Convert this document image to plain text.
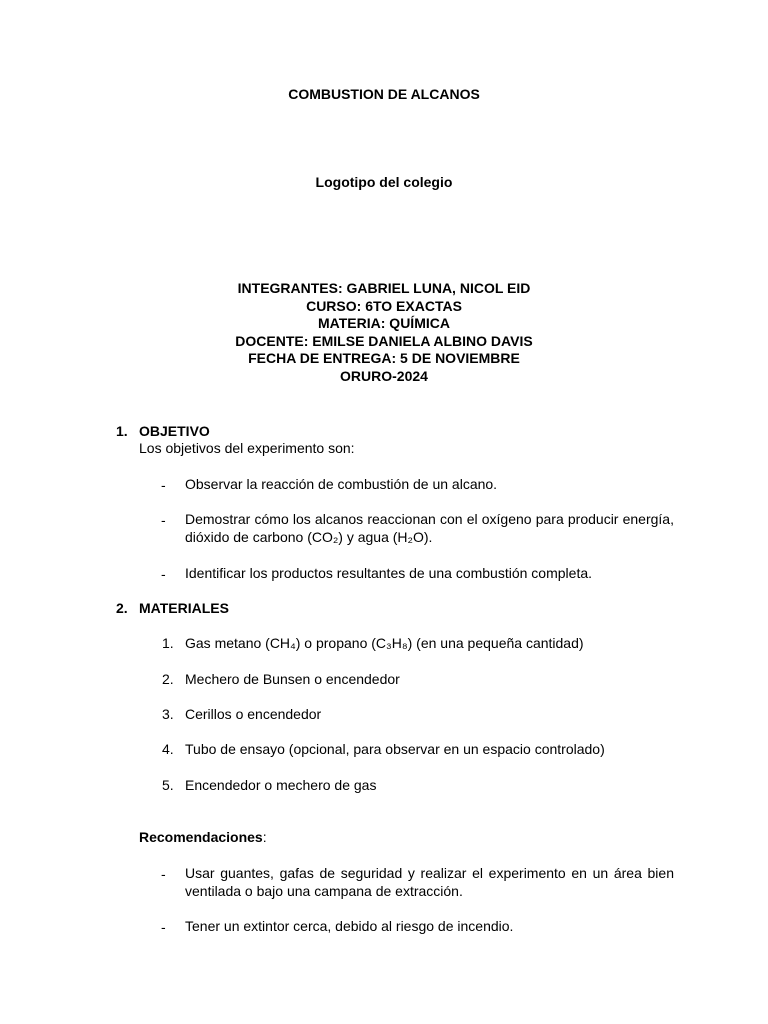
COMBUSTION DE ALCANOS
Logotipo del colegio
INTEGRANTES: GABRIEL LUNA, NICOL EID
CURSO: 6TO EXACTAS
MATERIA: QUÍMICA
DOCENTE: EMILSE DANIELA ALBINO DAVIS
FECHA DE ENTREGA: 5 DE NOVIEMBRE
ORURO-2024
1. OBJETIVO
Los objetivos del experimento son:
- Observar la reacción de combustión de un alcano.
- Demostrar cómo los alcanos reaccionan con el oxígeno para producir energía, dióxido de carbono (CO₂) y agua (H₂O).
- Identificar los productos resultantes de una combustión completa.
2. MATERIALES
1. Gas metano (CH₄) o propano (C₃H₈) (en una pequeña cantidad)
2. Mechero de Bunsen o encendedor
3. Cerillos o encendedor
4. Tubo de ensayo (opcional, para observar en un espacio controlado)
5. Encendedor o mechero de gas
Recomendaciones:
- Usar guantes, gafas de seguridad y realizar el experimento en un área bien ventilada o bajo una campana de extracción.
- Tener un extintor cerca, debido al riesgo de incendio.
